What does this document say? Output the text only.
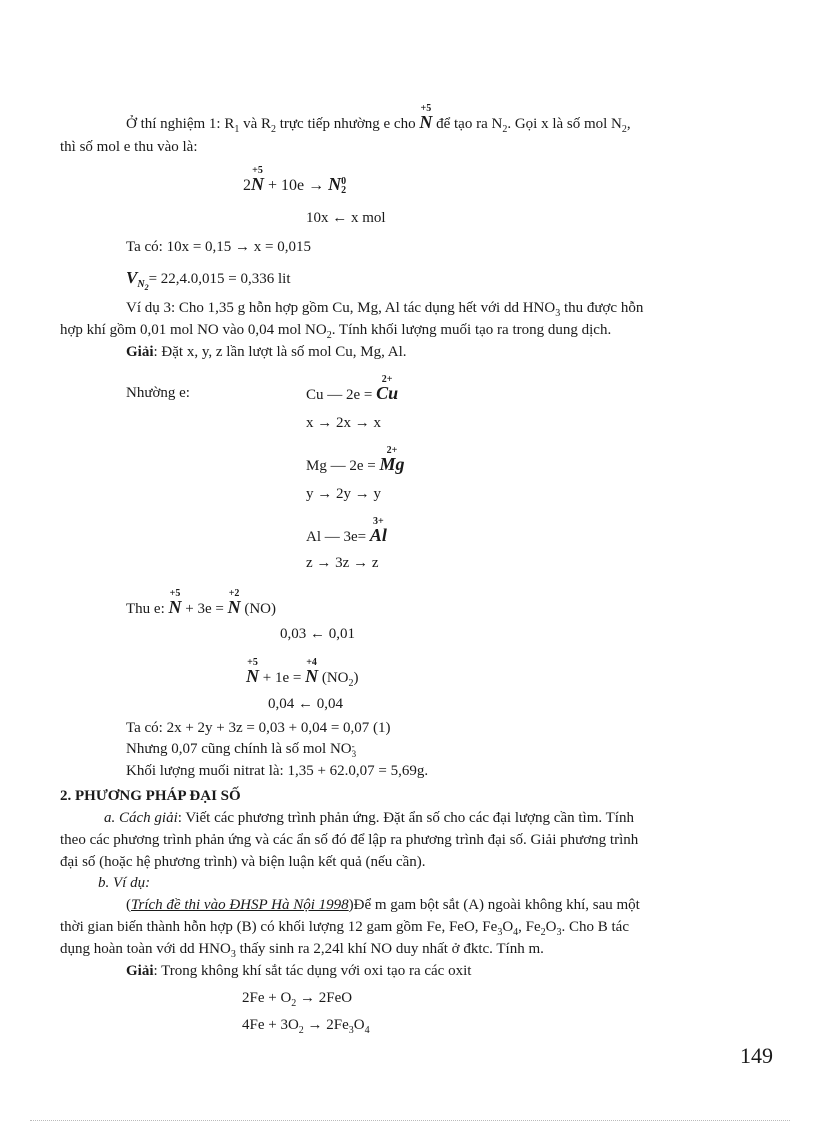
Ở thí nghiệm 1: $R_1$ và $R_2$ trực tiếp nhường e cho
+5
N để tạo ra $N_2$. Gọi x là số mol $N_2$,
thì số mol e thu vào là:
2
+5
N + 10e → N 0
2
10x ← x mol
Ta có: 10x = 0,15 → x = 0,015
$V_{N_2}= 22,4.0,015 = 0,336$ lit
Ví dụ 3: Cho 1,35 g hỗn hợp gồm Cu, Mg, Al tác dụng hết với dd $HNO_3$ thu được hỗn
hợp khí gồm 0,01 mol NO vào 0,04 mol $NO_2$. Tính khối lượng muối tạo ra trong dung dịch.
Giải: Đặt x, y, z lần lượt là số mol Cu, Mg, Al.
Nhường e:	Cu — 2e =
2+
Cu
x → 2x → x
Mg — 2e =
2+
Mg
y → 2y → y
Al — 3e=
3+
Al
z → 3z → z
Thu e:
+5
N + 3e =
+2
N (NO)
0,03 ← 0,01
+5
N + 1e =
+4
N $(NO_2)$
0,04 ← 0,04
Ta có: 2x + 2y + 3z = 0,03 + 0,04 = 0,07 (1)
Nhưng 0,07 cũng chính là số mol NO -
3
Khối lượng muối nitrat là: 1,35 + 62.0,07 = 5,69g.
2. PHƯƠNG PHÁP ĐẠI SỐ
a. Cách giải: Viết các phương trình phản ứng. Đặt ẩn số cho các đại lượng cần tìm. Tính
theo các phương trình phản ứng và các ẩn số đó để lập ra phương trình đại số. Giải phương trình
đại số (hoặc hệ phương trình) và biện luận kết quả (nếu cần).
b. Ví dụ:
(Trích đề thi vào ĐHSP Hà Nội 1998)Để m gam bột sắt (A) ngoài không khí, sau một
thời gian biến thành hỗn hợp (B) có khối lượng 12 gam gồm Fe, FeO, $Fe_3O_4$, $Fe_2O_3$. Cho B tác
dụng hoàn toàn với dd $HNO_3$ thấy sinh ra 2,24l khí NO duy nhất ở đktc. Tính m.
Giải: Trong không khí sắt tác dụng với oxi tạo ra các oxit
$2Fe + O_2 \to 2FeO$
$4Fe + 3O_2 \to 2Fe_3O_4$
149
